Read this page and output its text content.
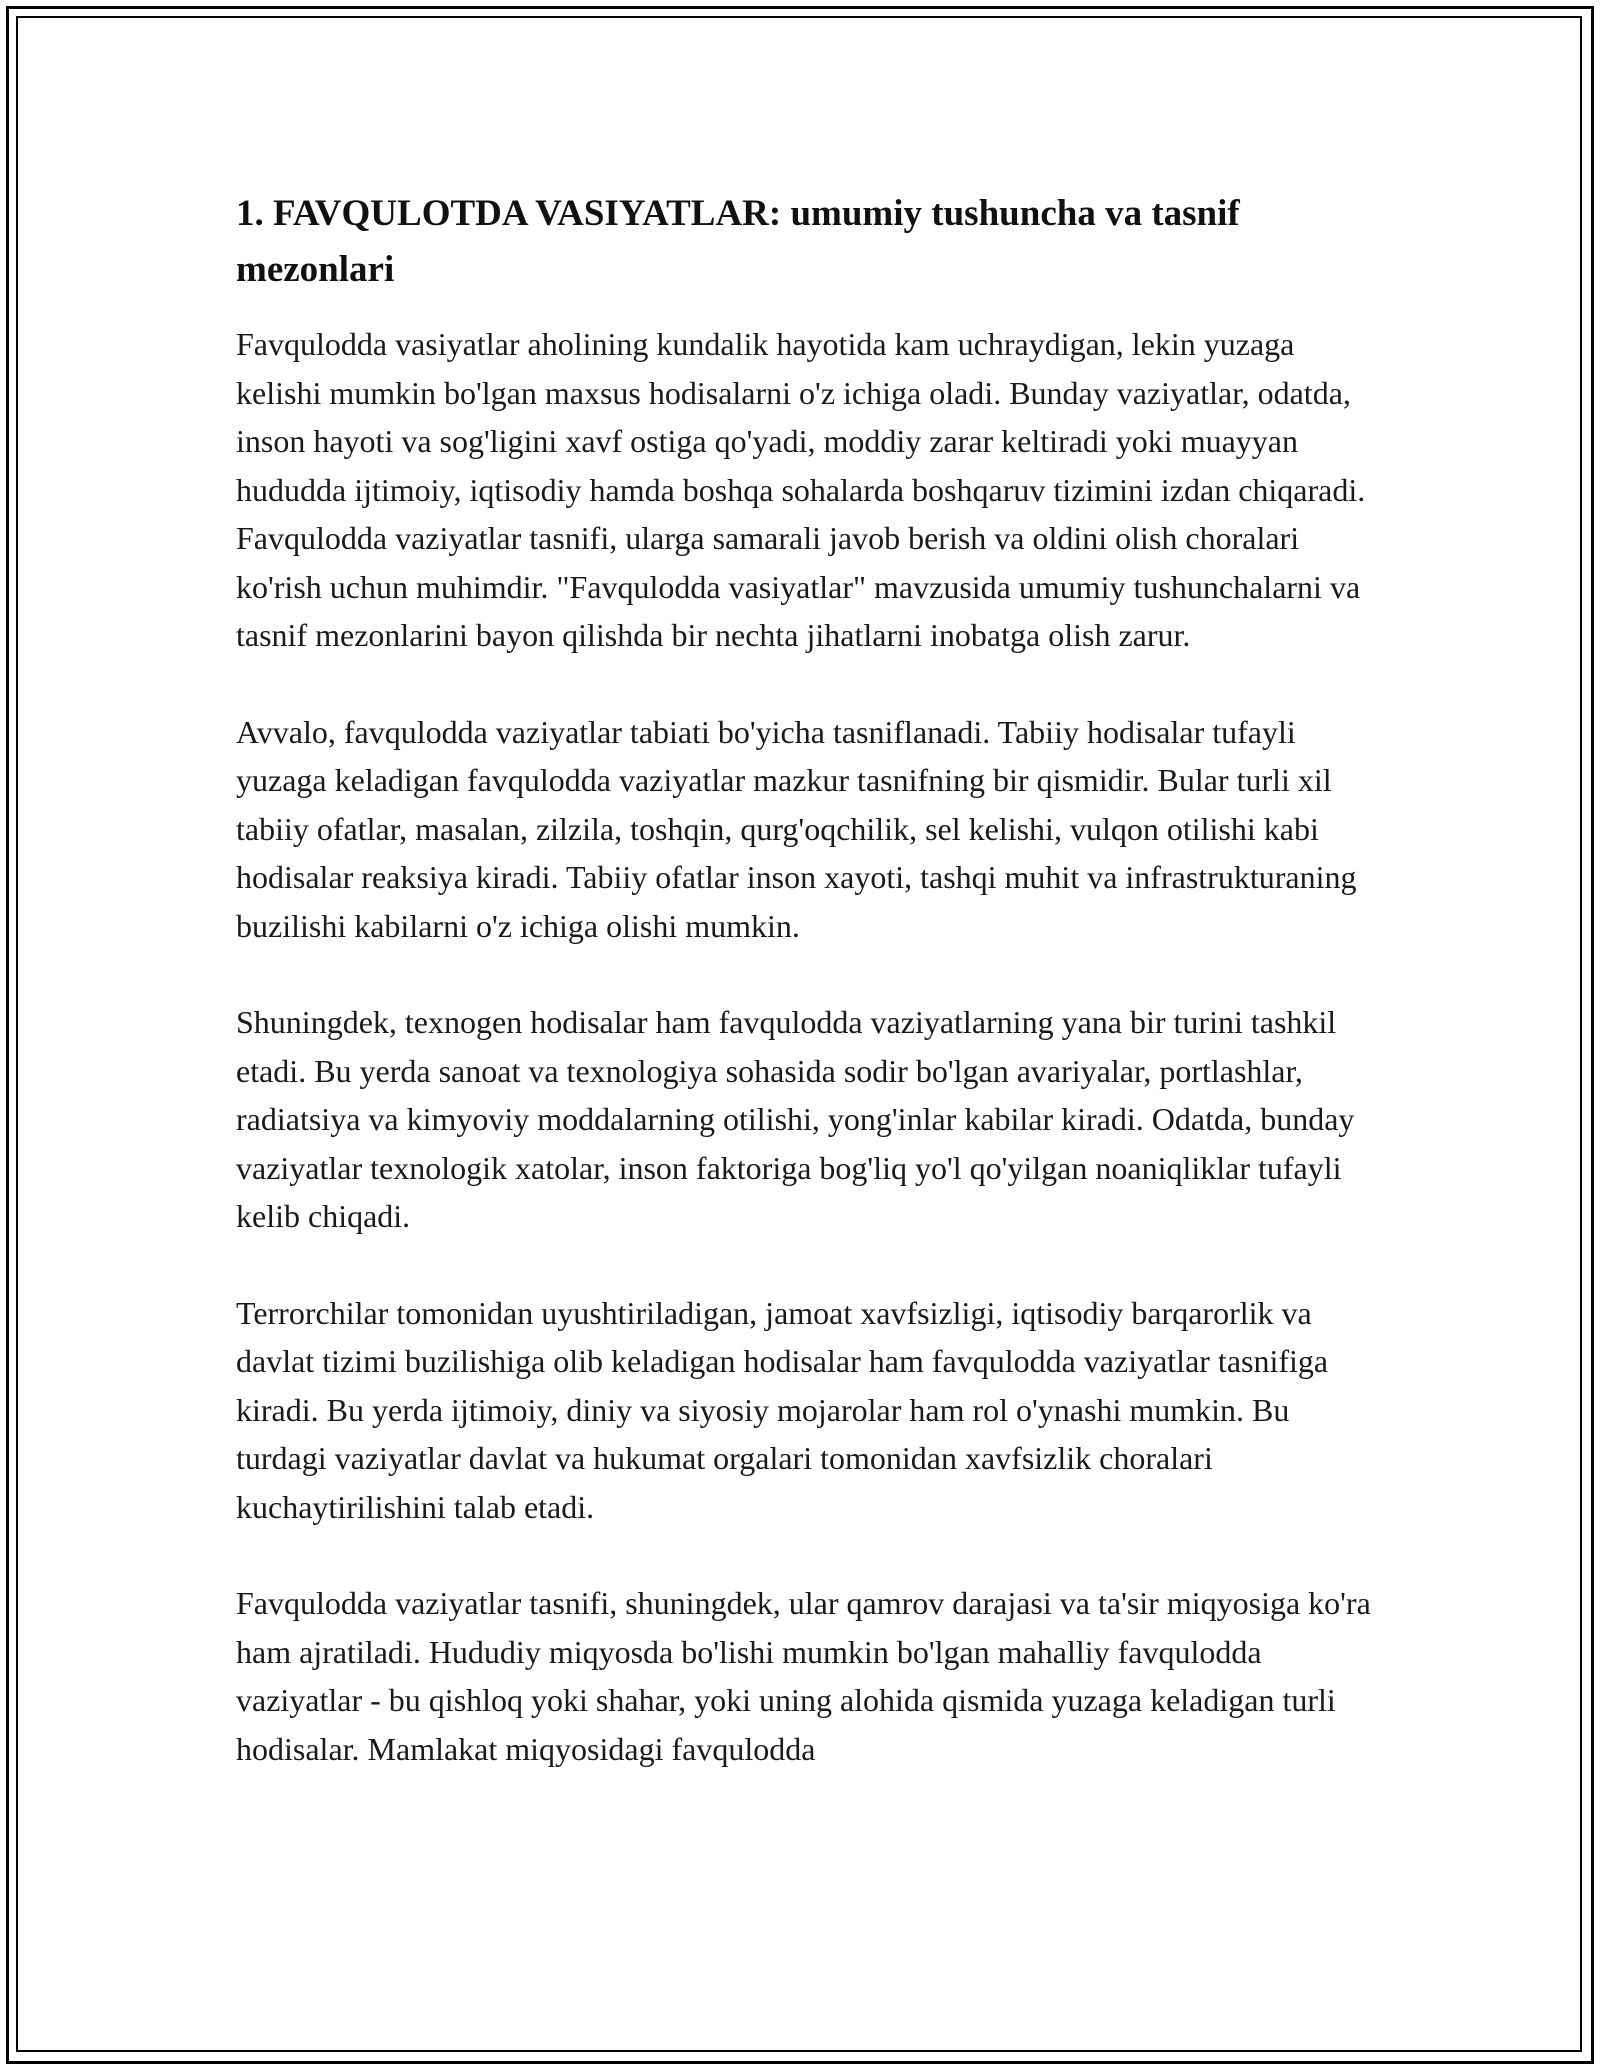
1. FAVQULOTDA VASIYATLAR: umumiy tushuncha va tasnif mezonlari

Favqulodda vasiyatlar aholining kundalik hayotida kam uchraydigan, lekin yuzaga kelishi mumkin bo'lgan maxsus hodisalarni o'z ichiga oladi. Bunday vaziyatlar, odatda, inson hayoti va sog'ligini xavf ostiga qo'yadi, moddiy zarar keltiradi yoki muayyan hududda ijtimoiy, iqtisodiy hamda boshqa sohalarda boshqaruv tizimini izdan chiqaradi. Favqulodda vaziyatlar tasnifi, ularga samarali javob berish va oldini olish choralari ko'rish uchun muhimdir. "Favqulodda vasiyatlar" mavzusida umumiy tushunchalarni va tasnif mezonlarini bayon qilishda bir nechta jihatlarni inobatga olish zarur.

Avvalo, favqulodda vaziyatlar tabiati bo'yicha tasniflanadi. Tabiiy hodisalar tufayli yuzaga keladigan favqulodda vaziyatlar mazkur tasnifning bir qismidir. Bular turli xil tabiiy ofatlar, masalan, zilzila, toshqin, qurg'oqchilik, sel kelishi, vulqon otilishi kabi hodisalar reaksiya kiradi. Tabiiy ofatlar inson xayoti, tashqi muhit va infrastrukturaning buzilishi kabilarni o'z ichiga olishi mumkin.

Shuningdek, texnogen hodisalar ham favqulodda vaziyatlarning yana bir turini tashkil etadi. Bu yerda sanoat va texnologiya sohasida sodir bo'lgan avariyalar, portlashlar, radiatsiya va kimyoviy moddalarning otilishi, yong'inlar kabilar kiradi. Odatda, bunday vaziyatlar texnologik xatolar, inson faktoriga bog'liq yo'l qo'yilgan noaniqliklar tufayli kelib chiqadi.

Terrorchilar tomonidan uyushtiriladigan, jamoat xavfsizligi, iqtisodiy barqarorlik va davlat tizimi buzilishiga olib keladigan hodisalar ham favqulodda vaziyatlar tasnifiga kiradi. Bu yerda ijtimoiy, diniy va siyosiy mojarolar ham rol o'ynashi mumkin. Bu turdagi vaziyatlar davlat va hukumat orgalari tomonidan xavfsizlik choralari kuchaytirilishini talab etadi.

Favqulodda vaziyatlar tasnifi, shuningdek, ular qamrov darajasi va ta'sir miqyosiga ko'ra ham ajratiladi. Hududiy miqyosda bo'lishi mumkin bo'lgan mahalliy favqulodda vaziyatlar - bu qishloq yoki shahar, yoki uning alohida qismida yuzaga keladigan turli hodisalar. Mamlakat miqyosidagi favqulodda
